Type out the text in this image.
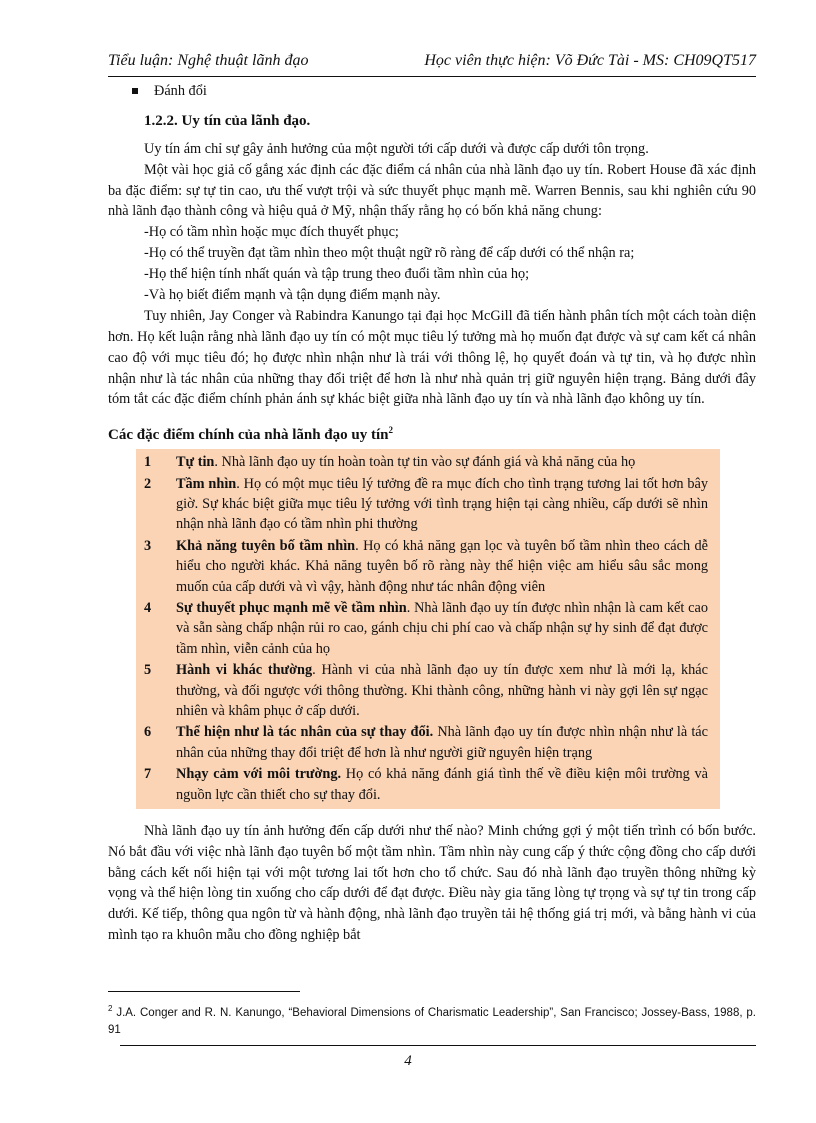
Tiểu luận: Nghệ thuật lãnh đạo	Học viên thực hiện: Võ Đức Tài - MS: CH09QT517
Đánh đổi
1.2.2. Uy tín của lãnh đạo.

Uy tín ám chỉ sự gây ảnh hưởng của một người tới cấp dưới và được cấp dưới tôn trọng.

Một vài học giả cố gắng xác định các đặc điểm cá nhân của nhà lãnh đạo uy tín. Robert House đã xác định ba đặc điểm: sự tự tin cao, ưu thế vượt trội và sức thuyết phục mạnh mẽ. Warren Bennis, sau khi nghiên cứu 90 nhà lãnh đạo thành công và hiệu quả ở Mỹ, nhận thấy rằng họ có bốn khả năng chung:

-Họ có tầm nhìn hoặc mục đích thuyết phục;
-Họ có thể truyền đạt tầm nhìn theo một thuật ngữ rõ ràng để cấp dưới có thể nhận ra;
-Họ thể hiện tính nhất quán và tập trung theo đuổi tầm nhìn của họ;
-Và họ biết điểm mạnh và tận dụng điểm mạnh này.

Tuy nhiên, Jay Conger và Rabindra Kanungo tại đại học McGill đã tiến hành phân tích một cách toàn diện hơn. Họ kết luận rằng nhà lãnh đạo uy tín có một mục tiêu lý tưởng mà họ muốn đạt được và sự cam kết cá nhân cao độ với mục tiêu đó; họ được nhìn nhận như là trái với thông lệ, họ quyết đoán và tự tin, và họ được nhìn nhận như là tác nhân của những thay đổi triệt để hơn là như nhà quản trị giữ nguyên hiện trạng. Bảng dưới đây tóm tắt các đặc điểm chính phản ánh sự khác biệt giữa nhà lãnh đạo uy tín và nhà lãnh đạo không uy tín.

Các đặc điểm chính của nhà lãnh đạo uy tín$^2$
1	Tự tin. Nhà lãnh đạo uy tín hoàn toàn tự tin vào sự đánh giá và khả năng của họ
2	Tầm nhìn. Họ có một mục tiêu lý tưởng đề ra mục đích cho tình trạng tương lai tốt hơn bây giờ. Sự khác biệt giữa mục tiêu lý tưởng với tình trạng hiện tại càng nhiều, cấp dưới sẽ nhìn nhận nhà lãnh đạo có tầm nhìn phi thường
3	Khả năng tuyên bố tầm nhìn. Họ có khả năng gạn lọc và tuyên bố tầm nhìn theo cách dễ hiểu cho người khác. Khả năng tuyên bố rõ ràng này thể hiện việc am hiểu sâu sắc mong muốn của cấp dưới và vì vậy, hành động như tác nhân động viên
4	Sự thuyết phục mạnh mẽ về tầm nhìn. Nhà lãnh đạo uy tín được nhìn nhận là cam kết cao và sẵn sàng chấp nhận rủi ro cao, gánh chịu chi phí cao và chấp nhận sự hy sinh để đạt được tầm nhìn, viễn cảnh của họ
5	Hành vi khác thường. Hành vi của nhà lãnh đạo uy tín được xem như là mới lạ, khác thường, và đối ngược với thông thường. Khi thành công, những hành vi này gợi lên sự ngạc nhiên và khâm phục ở cấp dưới.
6	Thể hiện như là tác nhân của sự thay đổi. Nhà lãnh đạo uy tín được nhìn nhận như là tác nhân của những thay đổi triệt để hơn là như người giữ nguyên hiện trạng
7	Nhạy cảm với môi trường. Họ có khả năng đánh giá tình thế về điều kiện môi trường và nguồn lực cần thiết cho sự thay đổi.

Nhà lãnh đạo uy tín ảnh hưởng đến cấp dưới như thế nào? Minh chứng gợi ý một tiến trình có bốn bước. Nó bắt đầu với việc nhà lãnh đạo tuyên bố một tầm nhìn. Tầm nhìn này cung cấp ý thức cộng đồng cho cấp dưới bằng cách kết nối hiện tại với một tương lai tốt hơn cho tổ chức. Sau đó nhà lãnh đạo truyền thông những kỳ vọng và thể hiện lòng tin xuống cho cấp dưới để đạt được. Điều này gia tăng lòng tự trọng và sự tự tin trong cấp dưới. Kế tiếp, thông qua ngôn từ và hành động, nhà lãnh đạo truyền tải hệ thống giá trị mới, và bằng hành vi của mình tạo ra khuôn mẫu cho đồng nghiệp bắt

$^2$ J.A. Conger and R. N. Kanungo, “Behavioral Dimensions of Charismatic Leadership”, San Francisco; Jossey-Bass, 1988, p. 91
4
